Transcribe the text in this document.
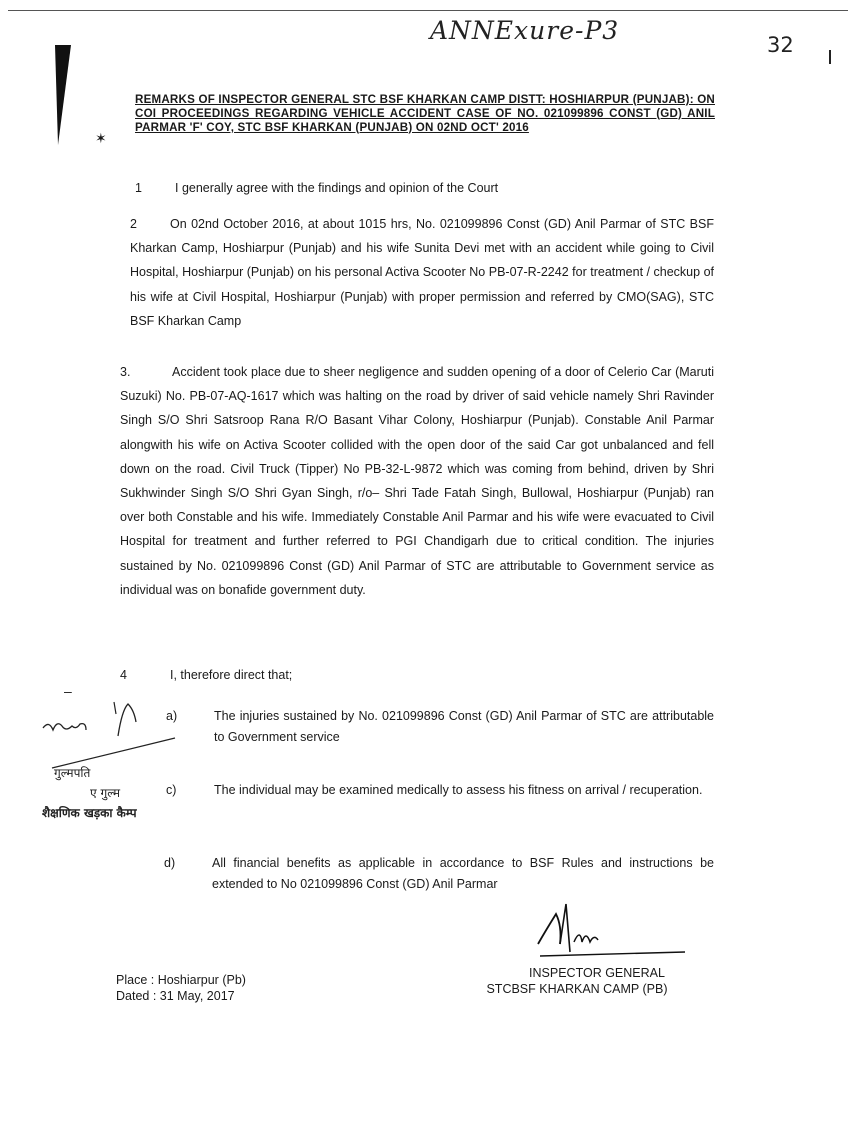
ANNExure-P3	32
✶
REMARKS OF INSPECTOR GENERAL STC BSF KHARKAN CAMP DISTT: HOSHIARPUR (PUNJAB): ON COI PROCEEDINGS REGARDING VEHICLE ACCIDENT CASE OF NO. 021099896 CONST (GD) ANIL PARMAR 'F' COY, STC BSF KHARKAN (PUNJAB) ON 02ND OCT' 2016
1	I generally agree with the findings and opinion of the Court
2	On 02nd October 2016, at about 1015 hrs, No. 021099896 Const (GD) Anil Parmar of STC BSF Kharkan Camp, Hoshiarpur (Punjab) and his wife Sunita Devi met with an accident while going to Civil Hospital, Hoshiarpur (Punjab) on his personal Activa Scooter No PB-07-R-2242 for treatment / checkup of his wife at Civil Hospital, Hoshiarpur (Punjab) with proper permission and referred by CMO(SAG), STC BSF Kharkan Camp
3.	Accident took place due to sheer negligence and sudden opening of a door of Celerio Car (Maruti Suzuki) No. PB-07-AQ-1617 which was halting on the road by driver of said vehicle namely Shri Ravinder Singh S/O Shri Satsroop Rana R/O Basant Vihar Colony, Hoshiarpur (Punjab). Constable Anil Parmar alongwith his wife on Activa Scooter collided with the open door of the said Car got unbalanced and fell down on the road. Civil Truck (Tipper) No PB-32-L-9872 which was coming from behind, driven by Shri Sukhwinder Singh S/O Shri Gyan Singh, r/o– Shri Tade Fatah Singh, Bullowal, Hoshiarpur (Punjab) ran over both Constable and his wife. Immediately Constable Anil Parmar and his wife were evacuated to Civil Hospital for treatment and further referred to PGI Chandigarh due to critical condition. The injuries sustained by No. 021099896 Const (GD) Anil Parmar of STC are attributable to Government service as individual was on bonafide government duty.
–
4	I, therefore direct that;
a)	The injuries sustained by No. 021099896 Const (GD) Anil Parmar of STC are attributable to Government service
c)	The individual may be examined medically to assess his fitness on arrival / recuperation.
d)	All financial benefits as applicable in accordance to BSF Rules and instructions be extended to No 021099896 Const (GD) Anil Parmar
गुल्मपति
ए गुल्म
शैक्षणिक खड़का कैम्प
Place : Hoshiarpur (Pb)
Dated : 31 May, 2017
INSPECTOR GENERAL
STCBSF KHARKAN CAMP (PB)
